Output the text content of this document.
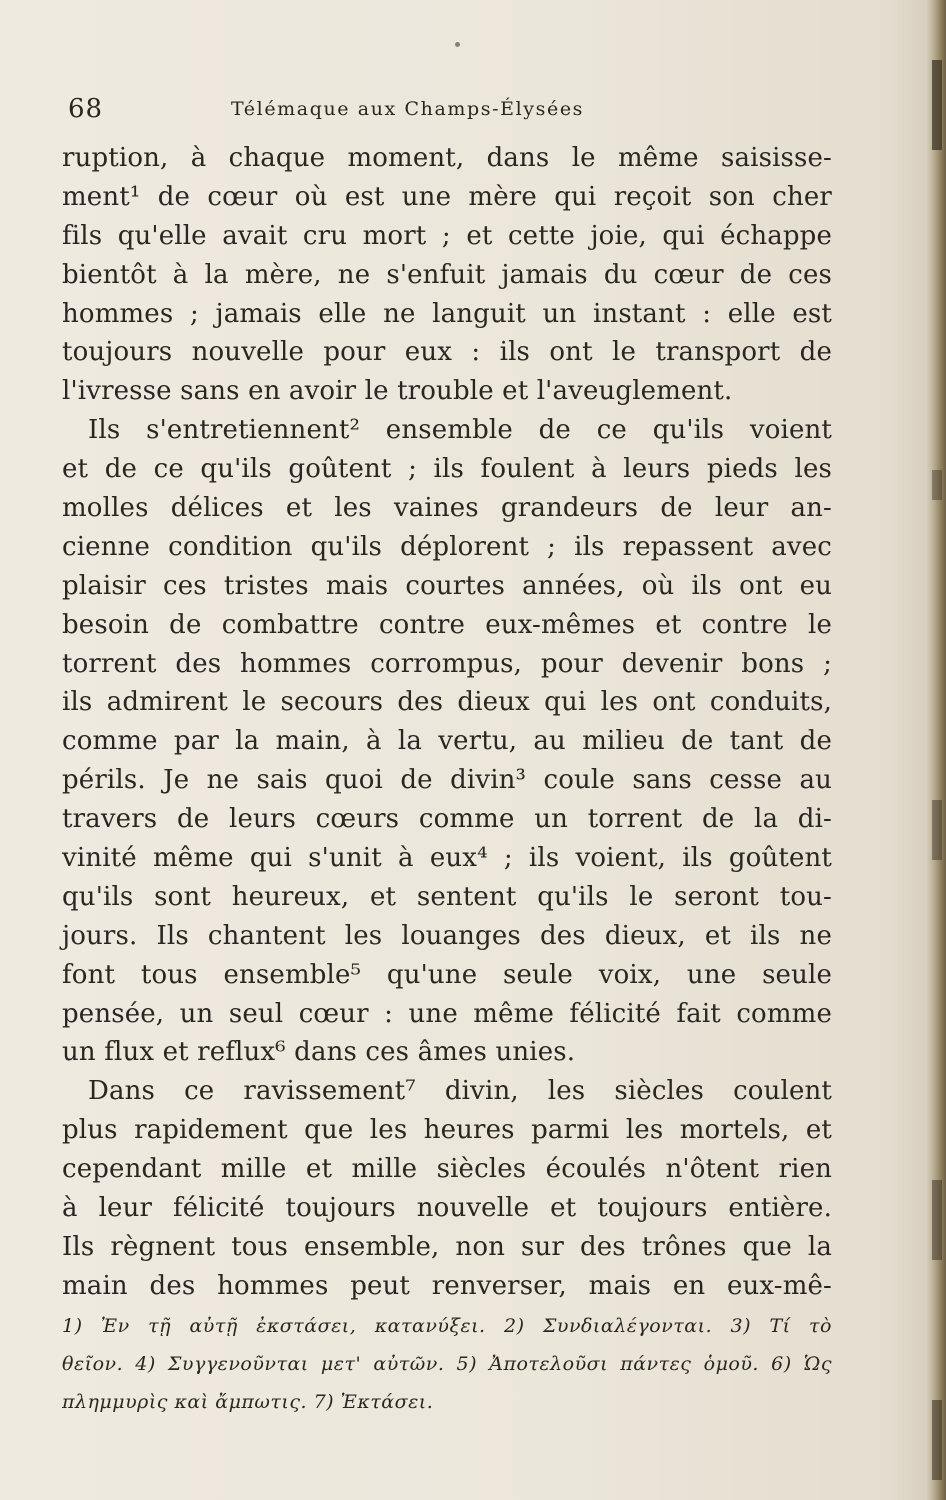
68	Télémaque aux Champs-Élysées
ruption, à chaque moment, dans le même saisisse-
ment¹ de cœur où est une mère qui reçoit son cher
fils qu'elle avait cru mort ; et cette joie, qui échappe
bientôt à la mère, ne s'enfuit jamais du cœur de ces
hommes ; jamais elle ne languit un instant : elle est
toujours nouvelle pour eux : ils ont le transport de
l'ivresse sans en avoir le trouble et l'aveuglement.
Ils s'entretiennent² ensemble de ce qu'ils voient
et de ce qu'ils goûtent ; ils foulent à leurs pieds les
molles délices et les vaines grandeurs de leur an-
cienne condition qu'ils déplorent ; ils repassent avec
plaisir ces tristes mais courtes années, où ils ont eu
besoin de combattre contre eux-mêmes et contre le
torrent des hommes corrompus, pour devenir bons ;
ils admirent le secours des dieux qui les ont conduits,
comme par la main, à la vertu, au milieu de tant de
périls. Je ne sais quoi de divin³ coule sans cesse au
travers de leurs cœurs comme un torrent de la di-
vinité même qui s'unit à eux⁴ ; ils voient, ils goûtent
qu'ils sont heureux, et sentent qu'ils le seront tou-
jours. Ils chantent les louanges des dieux, et ils ne
font tous ensemble⁵ qu'une seule voix, une seule
pensée, un seul cœur : une même félicité fait comme
un flux et reflux⁶ dans ces âmes unies.
Dans ce ravissement⁷ divin, les siècles coulent
plus rapidement que les heures parmi les mortels, et
cependant mille et mille siècles écoulés n'ôtent rien
à leur félicité toujours nouvelle et toujours entière.
Ils règnent tous ensemble, non sur des trônes que la
main des hommes peut renverser, mais en eux-mê-
1) Ἐν τῇ αὐτῇ ἐκστάσει, κατανύξει. 2) Συνδιαλέγονται. 3) Τί τὸ
θεῖον. 4) Συγγενοῦνται μετ' αὐτῶν. 5) Ἀποτελοῦσι πάντες ὁμοῦ. 6) Ὡς
πλημμυρὶς καὶ ἄμπωτις. 7) Ἐκτάσει.
